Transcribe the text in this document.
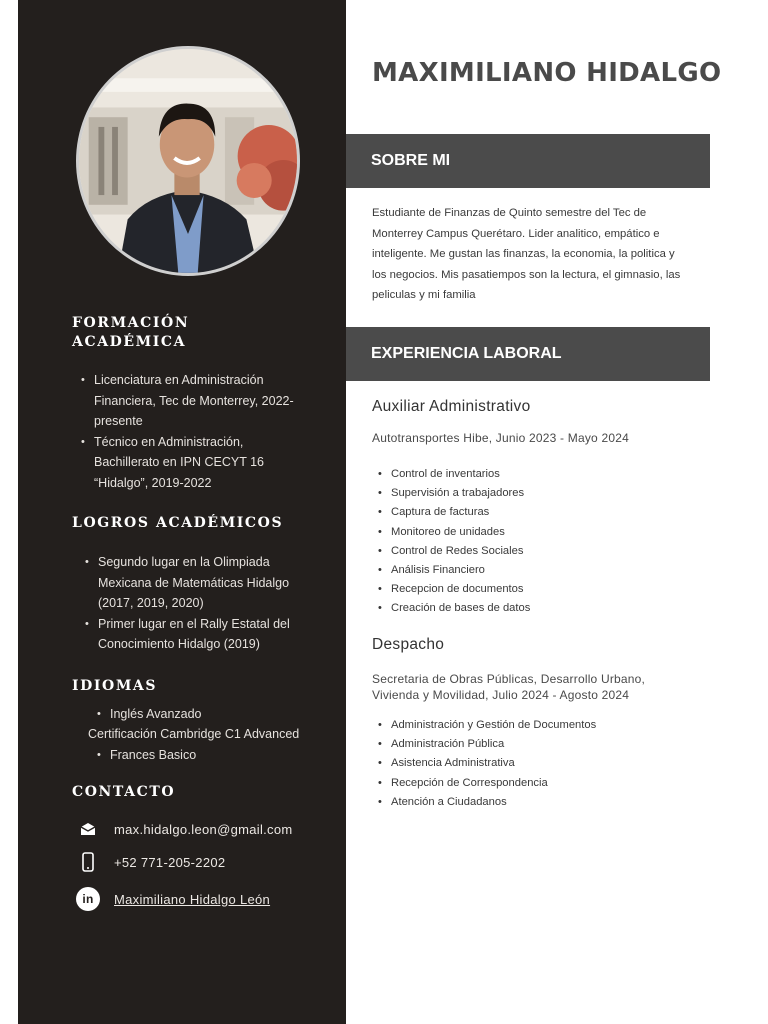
FORMACIÓN
ACADÉMICA
• Licenciatura en Administración
Financiera, Tec de Monterrey, 2022-
presente
• Técnico en Administración,
Bachillerato en IPN CECYT 16
“Hidalgo”, 2019-2022
LOGROS ACADÉMICOS
• Segundo lugar en la Olimpiada
Mexicana de Matemáticas Hidalgo
(2017, 2019, 2020)
• Primer lugar en el Rally Estatal del
Conocimiento Hidalgo (2019)
IDIOMAS
• Inglés Avanzado
Certificación Cambridge C1 Advanced
• Frances Basico
CONTACTO
max.hidalgo.leon@gmail.com
+52 771-205-2202
in Maximiliano Hidalgo León
MAXIMILIANO HIDALGO
SOBRE MI
Estudiante de Finanzas de Quinto semestre del Tec de
Monterrey Campus Querétaro. Lider analitico, empático e
inteligente. Me gustan las finanzas, la economia, la politica y
los negocios. Mis pasatiempos son la lectura, el gimnasio, las
peliculas y mi familia
EXPERIENCIA LABORAL
Auxiliar Administrativo
Autotransportes Hibe, Junio 2023 - Mayo 2024
• Control de inventarios
• Supervisión a trabajadores
• Captura de facturas
• Monitoreo de unidades
• Control de Redes Sociales
• Análisis Financiero
• Recepcion de documentos
• Creación de bases de datos
Despacho
Secretaria de Obras Públicas, Desarrollo Urbano,
Vivienda y Movilidad, Julio 2024 - Agosto 2024
• Administración y Gestión de Documentos
• Administración Pública
• Asistencia Administrativa
• Recepción de Correspondencia
• Atención a Ciudadanos
